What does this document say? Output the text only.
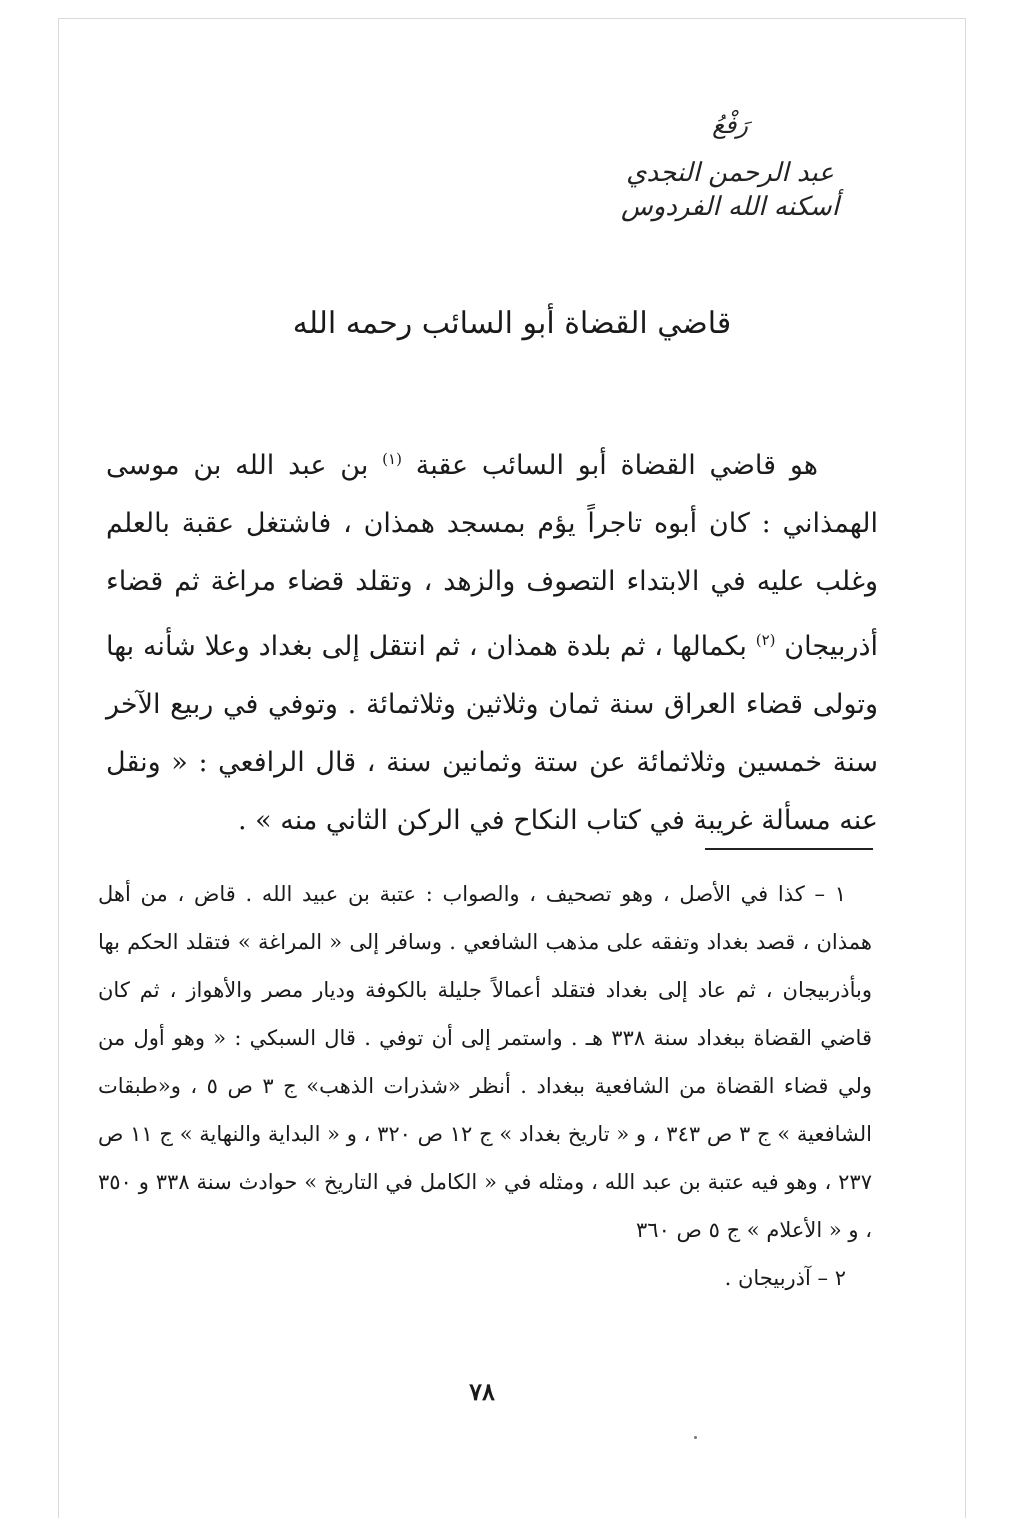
رَفْعُ
عبد الرحمن النجدي
أسكنه الله الفردوس
قاضي القضاة أبو السائب رحمه الله

هو قاضي القضاة أبو السائب عقبة $^{(١)}$ بن عبد الله بن موسى الهمذاني : كان أبوه تاجراً يؤم بمسجد همذان ، فاشتغل عقبة بالعلم وغلب عليه في الابتداء التصوف والزهد ، وتقلد قضاء مراغة ثم قضاء أذربيجان $^{(٢)}$ بكمالها ، ثم بلدة همذان ، ثم انتقل إلى بغداد وعلا شأنه بها وتولى قضاء العراق سنة ثمان وثلاثين وثلاثمائة . وتوفي في ربيع الآخر سنة خمسين وثلاثمائة عن ستة وثمانين سنة ، قال الرافعي : « ونقل عنه مسألة غريبة في كتاب النكاح في الركن الثاني منه » .

١ – كذا في الأصل ، وهو تصحيف ، والصواب : عتبة بن عبيد الله . قاض ، من أهل همذان ، قصد بغداد وتفقه على مذهب الشافعي . وسافر إلى « المراغة » فتقلد الحكم بها وبأذربيجان ، ثم عاد إلى بغداد فتقلد أعمالاً جليلة بالكوفة وديار مصر والأهواز ، ثم كان قاضي القضاة ببغداد سنة ٣٣٨ هـ . واستمر إلى أن توفي . قال السبكي : « وهو أول من ولي قضاء القضاة من الشافعية ببغداد . أنظر «شذرات الذهب» ج ٣ ص ٥ ، و«طبقات الشافعية » ج ٣ ص ٣٤٣ ، و « تاريخ بغداد » ج ١٢ ص ٣٢٠ ، و « البداية والنهاية » ج ١١ ص ٢٣٧ ، وهو فيه عتبة بن عبد الله ، ومثله في « الكامل في التاريخ » حوادث سنة ٣٣٨ و ٣٥٠ ، و « الأعلام » ج ٥ ص ٣٦٠

٢ – آذربيجان .

٧٨
